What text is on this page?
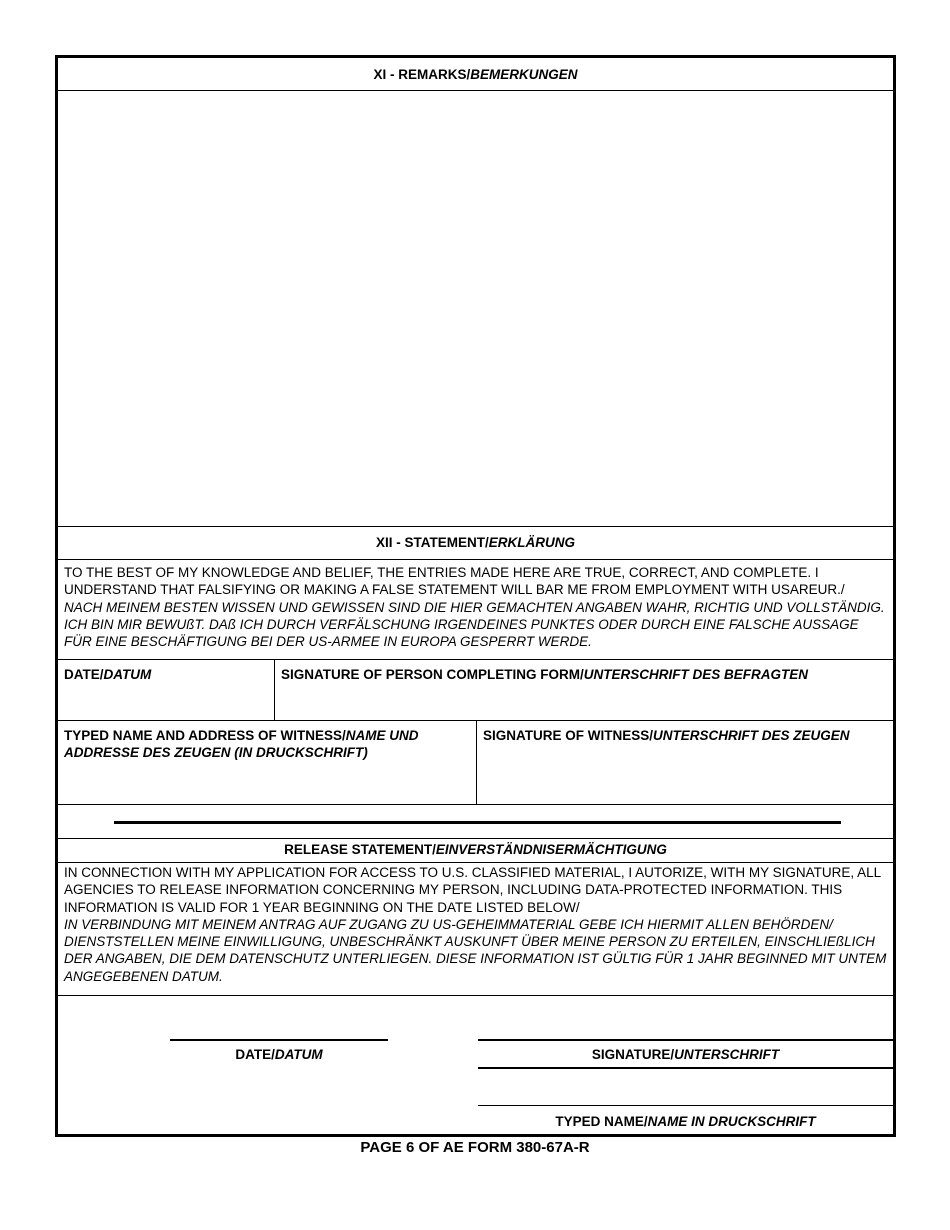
XI - REMARKS/BEMERKUNGEN
XII - STATEMENT/ERKLÄRUNG
TO THE BEST OF MY KNOWLEDGE AND BELIEF, THE ENTRIES MADE HERE ARE TRUE, CORRECT, AND COMPLETE. I UNDERSTAND THAT FALSIFYING OR MAKING A FALSE STATEMENT WILL BAR ME FROM EMPLOYMENT WITH USAREUR./
NACH MEINEM BESTEN WISSEN UND GEWISSEN SIND DIE HIER GEMACHTEN ANGABEN WAHR, RICHTIG UND VOLLSTÄNDIG. ICH BIN MIR BEWUßT. DAß ICH DURCH VERFÄLSCHUNG IRGENDEINES PUNKTES ODER DURCH EINE FALSCHE AUSSAGE FÜR EINE BESCHÄFTIGUNG BEI DER US-ARMEE IN EUROPA GESPERRT WERDE.
DATE/DATUM	SIGNATURE OF PERSON COMPLETING FORM/UNTERSCHRIFT DES BEFRAGTEN
TYPED NAME AND ADDRESS OF WITNESS/NAME UND ADDRESSE DES ZEUGEN (IN DRUCKSCHRIFT)
SIGNATURE OF WITNESS/UNTERSCHRIFT DES ZEUGEN
RELEASE STATEMENT/EINVERSTÄNDNISERMÄCHTIGUNG
IN CONNECTION WITH MY APPLICATION FOR ACCESS TO U.S. CLASSIFIED MATERIAL, I AUTORIZE, WITH MY SIGNATURE, ALL AGENCIES TO RELEASE INFORMATION CONCERNING MY PERSON, INCLUDING DATA-PROTECTED INFORMATION. THIS INFORMATION IS VALID FOR 1 YEAR BEGINNING ON THE DATE LISTED BELOW/
IN VERBINDUNG MIT MEINEM ANTRAG AUF ZUGANG ZU US-GEHEIMMATERIAL GEBE ICH HIERMIT ALLEN BEHÖRDEN/ DIENSTSTELLEN MEINE EINWILLIGUNG, UNBESCHRÄNKT AUSKUNFT ÜBER MEINE PERSON ZU ERTEILEN, EINSCHLIEßLICH DER ANGABEN, DIE DEM DATENSCHUTZ UNTERLIEGEN. DIESE INFORMATION IST GÜLTIG FÜR 1 JAHR BEGINNED MIT UNTEM ANGEGEBENEN DATUM.
DATE/DATUM	SIGNATURE/UNTERSCHRIFT
TYPED NAME/NAME IN DRUCKSCHRIFT
PAGE 6 OF AE FORM 380-67A-R
